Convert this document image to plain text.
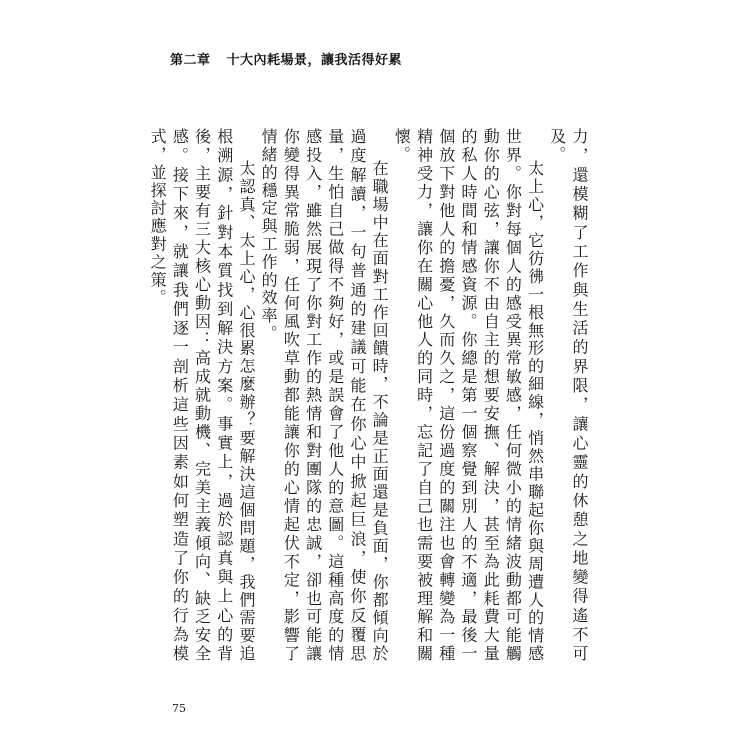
第二章 十大內耗場景，讓我活得好累

力，還模糊了工作與生活的界限，讓心靈的休憩之地變得遙不可及。

太上心，它彷彿一根無形的細線，悄然串聯起你與周遭人的情感世界。你對每個人的感受異常敏感，任何微小的情緒波動都可能觸動你的心弦，讓你不由自主的想要安撫、解決，甚至為此耗費大量的私人時間和情感資源。你總是第一個察覺到別人的不適，最後一個放下對他人的擔憂，久而久之，這份過度的關注也會轉變為一種精神受力，讓你在關心他人的同時，忘記了自己也需要被理解和關懷。

在職場中在面對工作回饋時，不論是正面還是負面，你都傾向於過度解讀，一句普通的建議可能在你心中掀起巨浪，使你反覆思量，生怕自己做得不夠好，或是誤會了他人的意圖。這種高度的情感投入，雖然展現了你對工作的熱情和對團隊的忠誠，卻也可能讓你變得異常脆弱，任何風吹草動都能讓你的心情起伏不定，影響了情緒的穩定與工作的效率。

太認真、太上心，心很累怎麼辦？要解決這個問題，我們需要追根溯源，針對本質找到解決方案。事實上，過於認真與上心的背後，主要有三大核心動因：高成就動機、完美主義傾向、缺乏安全感。接下來，就讓我們逐一剖析這些因素如何塑造了你的行為模式，並探討應對之策。

75
